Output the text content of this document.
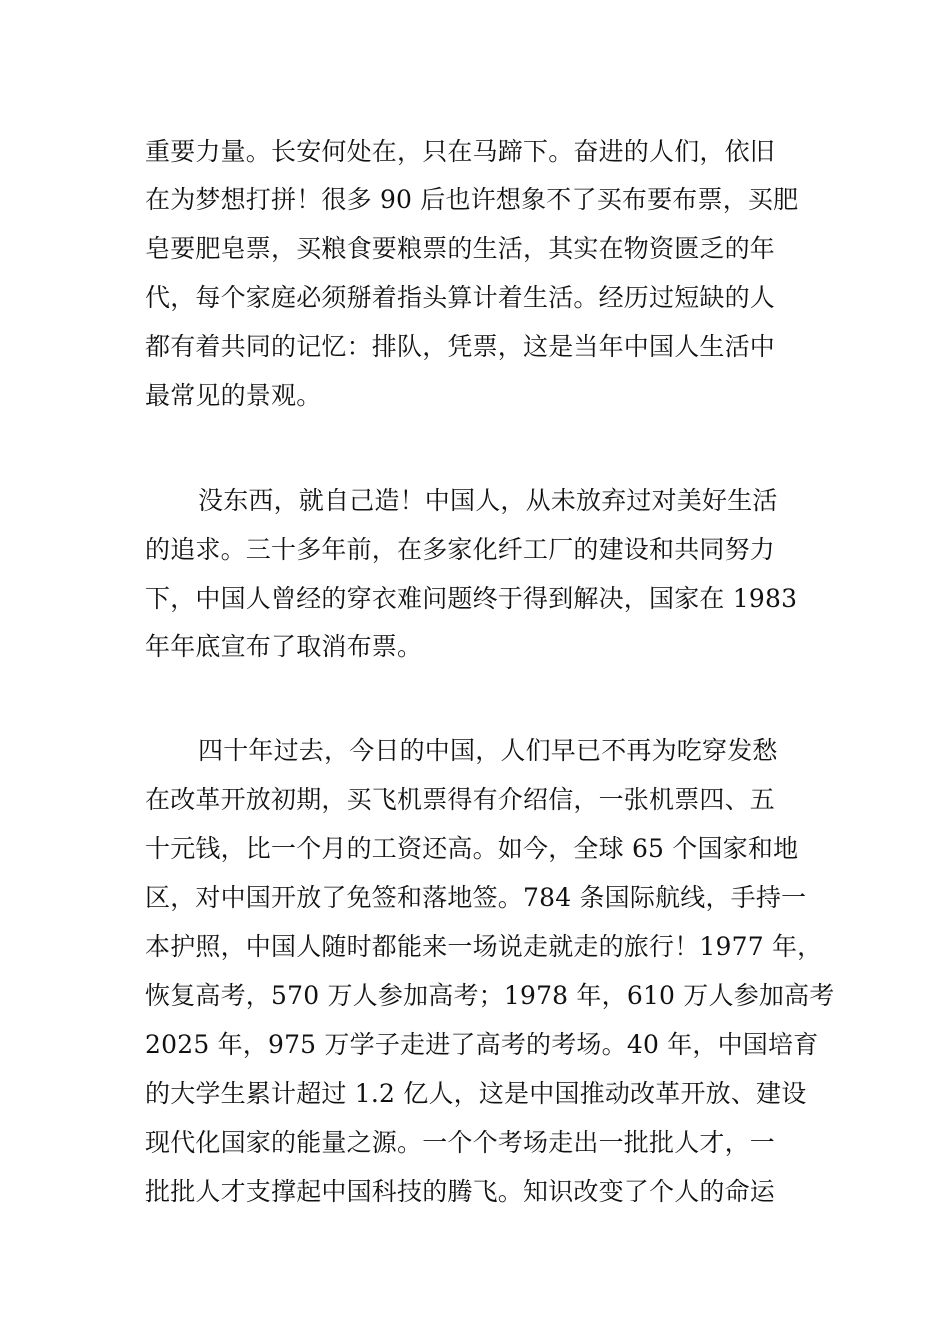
重要力量。长安何处在，只在马蹄下。奋进的人们，依旧
在为梦想打拼！很多 90 后也许想象不了买布要布票，买肥
皂要肥皂票，买粮食要粮票的生活，其实在物资匮乏的年
代，每个家庭必须掰着指头算计着生活。经历过短缺的人
都有着共同的记忆：排队，凭票，这是当年中国人生活中
最常见的景观。
没东西，就自己造！中国人，从未放弃过对美好生活
的追求。三十多年前，在多家化纤工厂的建设和共同努力
下，中国人曾经的穿衣难问题终于得到解决，国家在 1983
年年底宣布了取消布票。
四十年过去，今日的中国，人们早已不再为吃穿发愁
在改革开放初期，买飞机票得有介绍信，一张机票四、五
十元钱，比一个月的工资还高。如今，全球 65 个国家和地
区，对中国开放了免签和落地签。784 条国际航线，手持一
本护照，中国人随时都能来一场说走就走的旅行！1977 年，
恢复高考，570 万人参加高考；1978 年，610 万人参加高考
2025 年，975 万学子走进了高考的考场。40 年，中国培育
的大学生累计超过 1.2 亿人，这是中国推动改革开放、建设
现代化国家的能量之源。一个个考场走出一批批人才，一
批批人才支撑起中国科技的腾飞。知识改变了个人的命运
